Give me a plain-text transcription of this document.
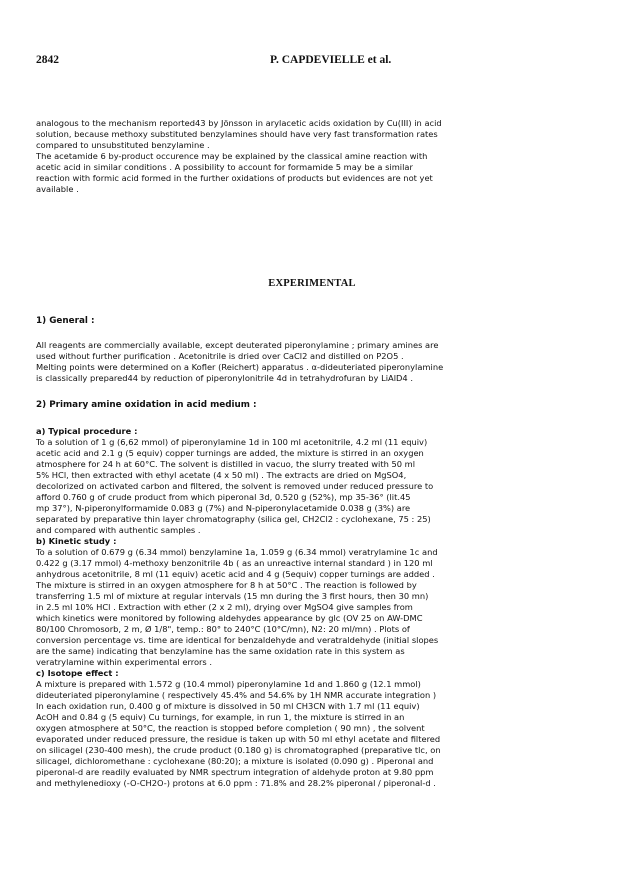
2842	P. CAPDEVIELLE et al.
analogous to the mechanism reported43 by Jönsson in arylacetic acids oxidation by Cu(III) in acid
solution, because methoxy substituted benzylamines should have very fast transformation rates
compared to unsubstituted benzylamine .
The acetamide 6 by-product occurence may be explained by the classical amine reaction with
acetic acid in similar conditions . A possibility to account for formamide 5 may be a similar
reaction with formic acid formed in the further oxidations of products but evidences are not yet
available .
EXPERIMENTAL
1) General :
All reagents are commercially available, except deuterated piperonylamine ; primary amines are
used without further purification . Acetonitrile is dried over CaCl2 and distilled on P2O5 .
Melting points were determined on a Kofler (Reichert) apparatus . α-dideuteriated piperonylamine
is classically prepared44 by reduction of piperonylonitrile 4d in tetrahydrofuran by LiAlD4 .
2) Primary amine oxidation in acid medium :
a) Typical procedure :
To a solution of 1 g (6,62 mmol) of piperonylamine 1d in 100 ml acetonitrile, 4.2 ml (11 equiv)
acetic acid and 2.1 g (5 equiv) copper turnings are added, the mixture is stirred in an oxygen
atmosphere for 24 h at 60°C. The solvent is distilled in vacuo, the slurry treated with 50 ml
5% HCl, then extracted with ethyl acetate (4 x 50 ml) . The extracts are dried on MgSO4,
decolorized on activated carbon and filtered, the solvent is removed under reduced pressure to
afford 0.760 g of crude product from which piperonal 3d, 0.520 g (52%), mp 35-36° (lit.45
mp 37°), N-piperonylformamide 0.083 g (7%) and N-piperonylacetamide 0.038 g (3%) are
separated by preparative thin layer chromatography (silica gel, CH2Cl2 : cyclohexane, 75 : 25)
and compared with authentic samples .
b) Kinetic study :
To a solution of 0.679 g (6.34 mmol) benzylamine 1a, 1.059 g (6.34 mmol) veratrylamine 1c and
0.422 g (3.17 mmol) 4-methoxy benzonitrile 4b ( as an unreactive internal standard ) in 120 ml
anhydrous acetonitrile, 8 ml (11 equiv) acetic acid and 4 g (5equiv) copper turnings are added .
The mixture is stirred in an oxygen atmosphere for 8 h at 50°C . The reaction is followed by
transferring 1.5 ml of mixture at regular intervals (15 mn during the 3 first hours, then 30 mn)
in 2.5 ml 10% HCl . Extraction with ether (2 x 2 ml), drying over MgSO4 give samples from
which kinetics were monitored by following aldehydes appearance by glc (OV 25 on AW-DMC
80/100 Chromosorb, 2 m, Ø 1/8", temp.: 80° to 240°C (10°C/mn), N2: 20 ml/mn) . Plots of
conversion percentage vs. time are identical for benzaldehyde and veratraldehyde (initial slopes
are the same) indicating that benzylamine has the same oxidation rate in this system as
veratrylamine within experimental errors .
c) Isotope effect :
A mixture is prepared with 1.572 g (10.4 mmol) piperonylamine 1d and 1.860 g (12.1 mmol)
dideuteriated piperonylamine ( respectively 45.4% and 54.6% by 1H NMR accurate integration )
In each oxidation run, 0.400 g of mixture is dissolved in 50 ml CH3CN with 1.7 ml (11 equiv)
AcOH and 0.84 g (5 equiv) Cu turnings, for example, in run 1, the mixture is stirred in an
oxygen atmosphere at 50°C, the reaction is stopped before completion ( 90 mn) , the solvent
evaporated under reduced pressure, the residue is taken up with 50 ml ethyl acetate and filtered
on silicagel (230-400 mesh), the crude product (0.180 g) is chromatographed (preparative tlc, on
silicagel, dichloromethane : cyclohexane (80:20); a mixture is isolated (0.090 g) . Piperonal and
piperonal-d are readily evaluated by NMR spectrum integration of aldehyde proton at 9.80 ppm
and methylenedioxy (-O-CH2O-) protons at 6.0 ppm : 71.8% and 28.2% piperonal / piperonal-d .
